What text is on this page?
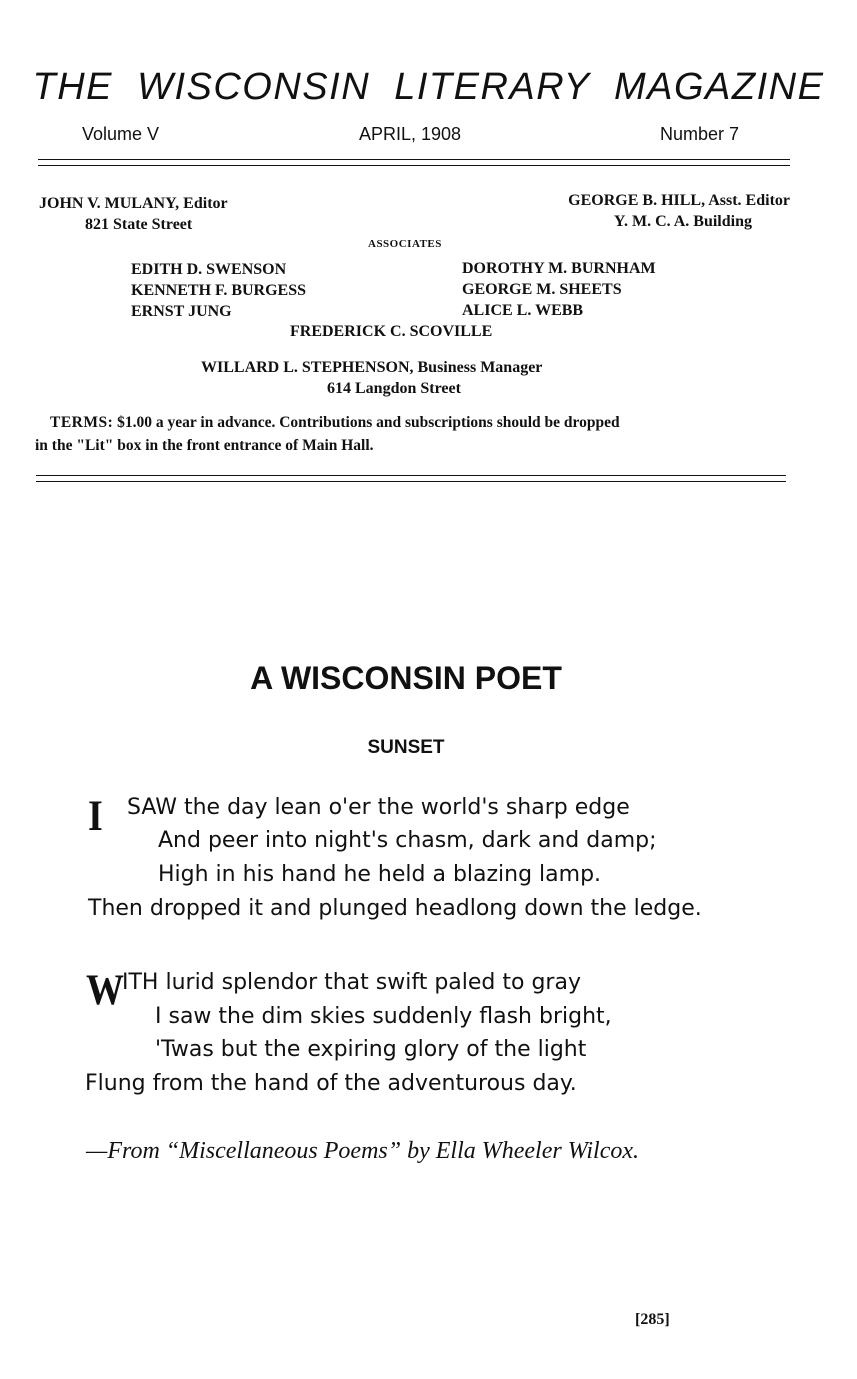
THE WISCONSIN LITERARY MAGAZINE
Volume V	APRIL, 1908	Number 7
JOHN V. MULANY, Editor
821 State Street
GEORGE B. HILL, Asst. Editor
Y. M. C. A. Building
ASSOCIATES
EDITH D. SWENSON
KENNETH F. BURGESS
ERNST JUNG
DOROTHY M. BURNHAM
GEORGE M. SHEETS
ALICE L. WEBB
FREDERICK C. SCOVILLE
WILLARD L. STEPHENSON, Business Manager
614 Langdon Street
TERMS: $1.00 a year in advance. Contributions and subscriptions should be dropped
in the "Lit" box in the front entrance of Main Hall.
A WISCONSIN POET
SUNSET
I SAW the day lean o'er the world's sharp edge
And peer into night's chasm, dark and damp;
High in his hand he held a blazing lamp.
Then dropped it and plunged headlong down the ledge.
W
ITH lurid splendor that swift paled to gray
I saw the dim skies suddenly flash bright,
'Twas but the expiring glory of the light
Flung from the hand of the adventurous day.
—From “Miscellaneous Poems” by Ella Wheeler Wilcox.
[285]
